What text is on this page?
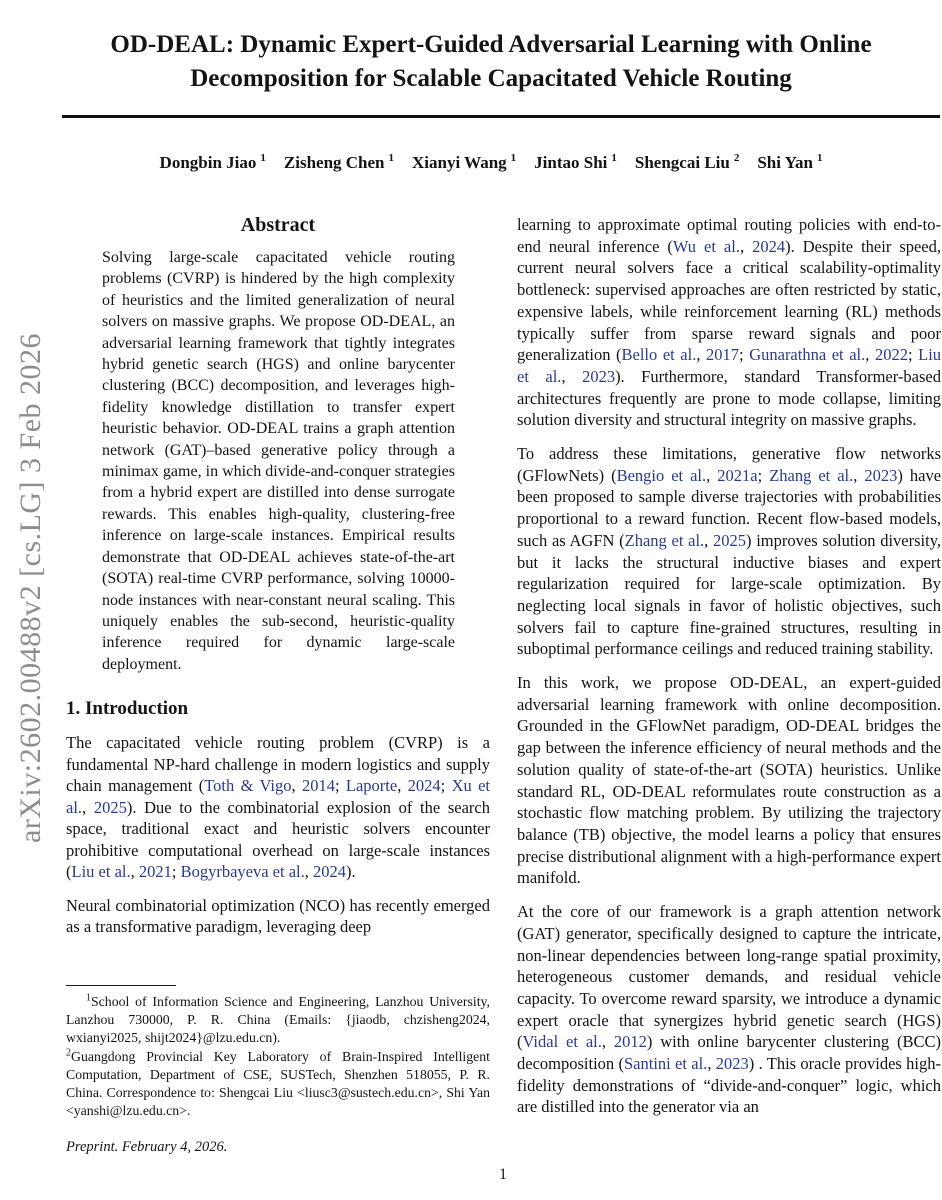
arXiv:2602.00488v2 [cs.LG] 3 Feb 2026
OD-DEAL: Dynamic Expert-Guided Adversarial Learning with Online
Decomposition for Scalable Capacitated Vehicle Routing
Dongbin Jiao $^1$ Zisheng Chen $^1$ Xianyi Wang $^1$ Jintao Shi $^1$ Shengcai Liu $^2$ Shi Yan $^1$
Abstract

Solving large-scale capacitated vehicle routing problems (CVRP) is hindered by the high complexity of heuristics and the limited generalization of neural solvers on massive graphs. We propose OD-DEAL, an adversarial learning framework that tightly integrates hybrid genetic search (HGS) and online barycenter clustering (BCC) decomposition, and leverages high-fidelity knowledge distillation to transfer expert heuristic behavior. OD-DEAL trains a graph attention network (GAT)–based generative policy through a minimax game, in which divide-and-conquer strategies from a hybrid expert are distilled into dense surrogate rewards. This enables high-quality, clustering-free inference on large-scale instances. Empirical results demonstrate that OD-DEAL achieves state-of-the-art (SOTA) real-time CVRP performance, solving 10000-node instances with near-constant neural scaling. This uniquely enables the sub-second, heuristic-quality inference required for dynamic large-scale deployment.

1. Introduction

The capacitated vehicle routing problem (CVRP) is a fundamental NP-hard challenge in modern logistics and supply chain management (Toth & Vigo, 2014; Laporte, 2024; Xu et al., 2025). Due to the combinatorial explosion of the search space, traditional exact and heuristic solvers encounter prohibitive computational overhead on large-scale instances (Liu et al., 2021; Bogyrbayeva et al., 2024).

Neural combinatorial optimization (NCO) has recently emerged as a transformative paradigm, leveraging deep

learning to approximate optimal routing policies with end-to-end neural inference (Wu et al., 2024). Despite their speed, current neural solvers face a critical scalability-optimality bottleneck: supervised approaches are often restricted by static, expensive labels, while reinforcement learning (RL) methods typically suffer from sparse reward signals and poor generalization (Bello et al., 2017; Gunarathna et al., 2022; Liu et al., 2023). Furthermore, standard Transformer-based architectures frequently are prone to mode collapse, limiting solution diversity and structural integrity on massive graphs.

To address these limitations, generative flow networks (GFlowNets) (Bengio et al., 2021a; Zhang et al., 2023) have been proposed to sample diverse trajectories with probabilities proportional to a reward function. Recent flow-based models, such as AGFN (Zhang et al., 2025) improves solution diversity, but it lacks the structural inductive biases and expert regularization required for large-scale optimization. By neglecting local signals in favor of holistic objectives, such solvers fail to capture fine-grained structures, resulting in suboptimal performance ceilings and reduced training stability.

In this work, we propose OD-DEAL, an expert-guided adversarial learning framework with online decomposition. Grounded in the GFlowNet paradigm, OD-DEAL bridges the gap between the inference efficiency of neural methods and the solution quality of state-of-the-art (SOTA) heuristics. Unlike standard RL, OD-DEAL reformulates route construction as a stochastic flow matching problem. By utilizing the trajectory balance (TB) objective, the model learns a policy that ensures precise distributional alignment with a high-performance expert manifold.

At the core of our framework is a graph attention network (GAT) generator, specifically designed to capture the intricate, non-linear dependencies between long-range spatial proximity, heterogeneous customer demands, and residual vehicle capacity. To overcome reward sparsity, we introduce a dynamic expert oracle that synergizes hybrid genetic search (HGS) (Vidal et al., 2012) with online barycenter clustering (BCC) decomposition (Santini et al., 2023) . This oracle provides high-fidelity demonstrations of “divide-and-conquer” logic, which are distilled into the generator via an

$^1$School of Information Science and Engineering, Lanzhou University, Lanzhou 730000, P. R. China (Emails: {jiaodb, chzisheng2024, wxianyi2025, shijt2024}@lzu.edu.cn).

$^2$Guangdong Provincial Key Laboratory of Brain-Inspired Intelligent Computation, Department of CSE, SUSTech, Shenzhen 518055, P. R. China. Correspondence to: Shengcai Liu <liusc3@sustech.edu.cn>, Shi Yan <yanshi@lzu.edu.cn>.

Preprint. February 4, 2026.
1
